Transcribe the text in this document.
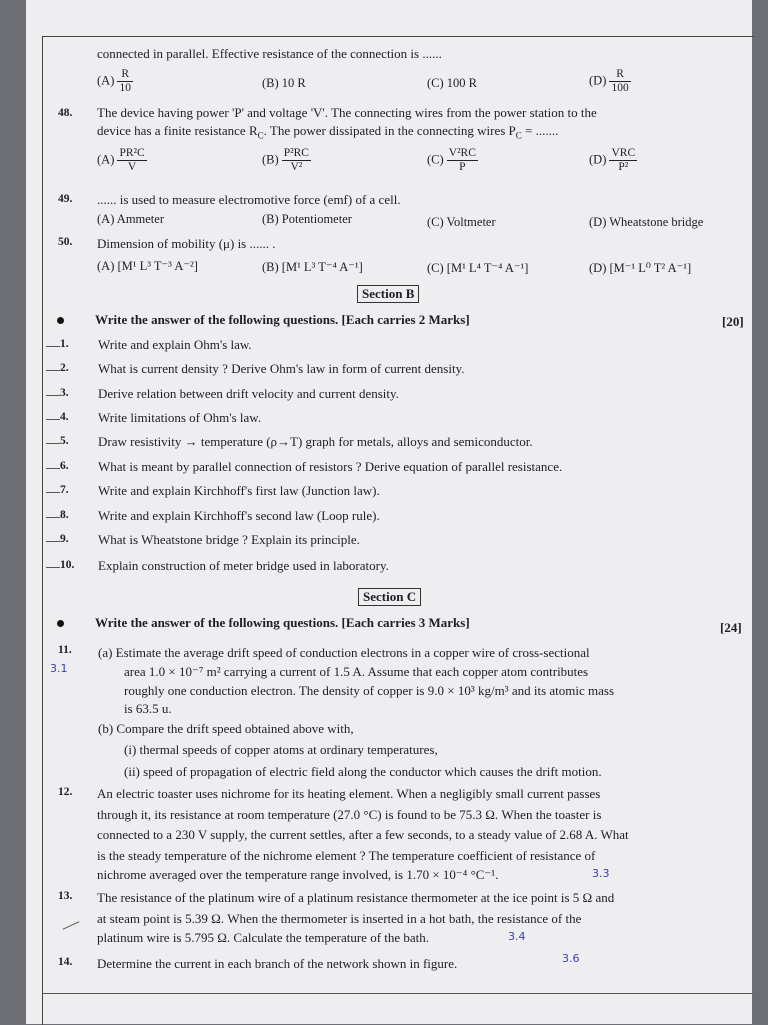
connected in parallel. Effective resistance of the connection is ......
$(A) \frac{R}{10}$	(B) 10 R	(C) 100 R	$(D) \frac{R}{100}$
48. The device having power 'P' and voltage 'V'. The connecting wires from the power station to the
device has a finite resistance $R_C$. The power dissipated in the connecting wires $P_C$ = .......
$(A) \frac{\text{PR²C}}{V}$	$(B) \frac{\text{P²RC}}{\text{V²}}$	$(C) \frac{\text{V²RC}}{P}$	$(D) \frac{\text{VRC}}{\text{P²}}$
49. ...... is used to measure electromotive force (emf) of a cell.
(A) Ammeter	(B) Potentiometer	(C) Voltmeter	(D) Wheatstone bridge
50. Dimension of mobility (μ) is ...... .
(A) [M¹ L³ T⁻³ A⁻²]	(B) [M¹ L³ T⁻⁴ A⁻¹]	(C) [M¹ L⁴ T⁻⁴ A⁻¹]	(D) [M⁻¹ L⁰ T² A⁻¹]
Section B
Write the answer of the following questions. [Each carries 2 Marks]	[20]
1. Write and explain Ohm's law.
2. What is current density ? Derive Ohm's law in form of current density.
3. Derive relation between drift velocity and current density.
4. Write limitations of Ohm's law.
5. Draw resistivity → temperature (ρ→T) graph for metals, alloys and semiconductor.
6. What is meant by parallel connection of resistors ? Derive equation of parallel resistance.
7. Write and explain Kirchhoff's first law (Junction law).
8. Write and explain Kirchhoff's second law (Loop rule).
9. What is Wheatstone bridge ? Explain its principle.
10. Explain construction of meter bridge used in laboratory.
Section C
Write the answer of the following questions. [Each carries 3 Marks]	[24]
11.
3.1
(a) Estimate the average drift speed of conduction electrons in a copper wire of cross-sectional
area 1.0 × 10⁻⁷ m² carrying a current of 1.5 A. Assume that each copper atom contributes
roughly one conduction electron. The density of copper is 9.0 × 10³ kg/m³ and its atomic mass
is 63.5 u.
(b) Compare the drift speed obtained above with,
(i) thermal speeds of copper atoms at ordinary temperatures,
(ii) speed of propagation of electric field along the conductor which causes the drift motion.
12. An electric toaster uses nichrome for its heating element. When a negligibly small current passes
through it, its resistance at room temperature (27.0 °C) is found to be 75.3 Ω. When the toaster is
connected to a 230 V supply, the current settles, after a few seconds, to a steady value of 2.68 A. What
is the steady temperature of the nichrome element ? The temperature coefficient of resistance of
nichrome averaged over the temperature range involved, is 1.70 × 10⁻⁴ °C⁻¹.	3.3
13. The resistance of the platinum wire of a platinum resistance thermometer at the ice point is 5 Ω and
at steam point is 5.39 Ω. When the thermometer is inserted in a hot bath, the resistance of the
platinum wire is 5.795 Ω. Calculate the temperature of the bath.	3.4
14. Determine the current in each branch of the network shown in figure.	3.6
